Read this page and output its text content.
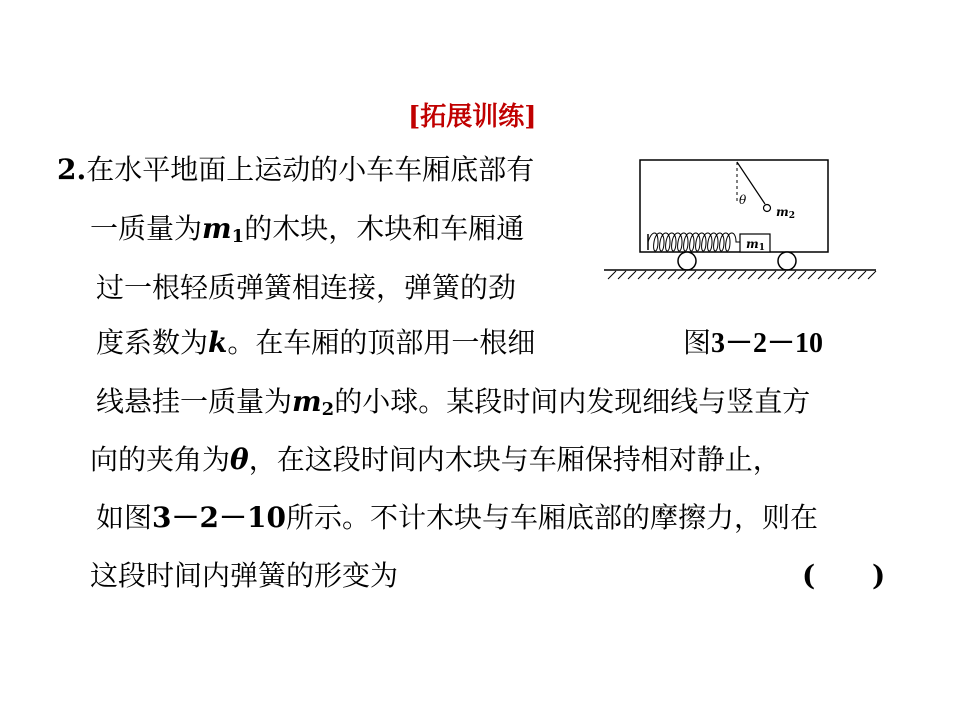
[拓展训练]
2.在水平地面上运动的小车车厢底部有
一质量为$m_1$的木块，木块和车厢通
过一根轻质弹簧相连接，弹簧的劲
度系数为k。在车厢的顶部用一根细	图3－2－10
线悬挂一质量为$m_2$的小球。某段时间内发现细线与竖直方
向的夹角为θ，在这段时间内木块与车厢保持相对静止，
如图3－2－10所示。不计木块与车厢底部的摩擦力，则在
这段时间内弹簧的形变为	( )
θ
m2
m1
